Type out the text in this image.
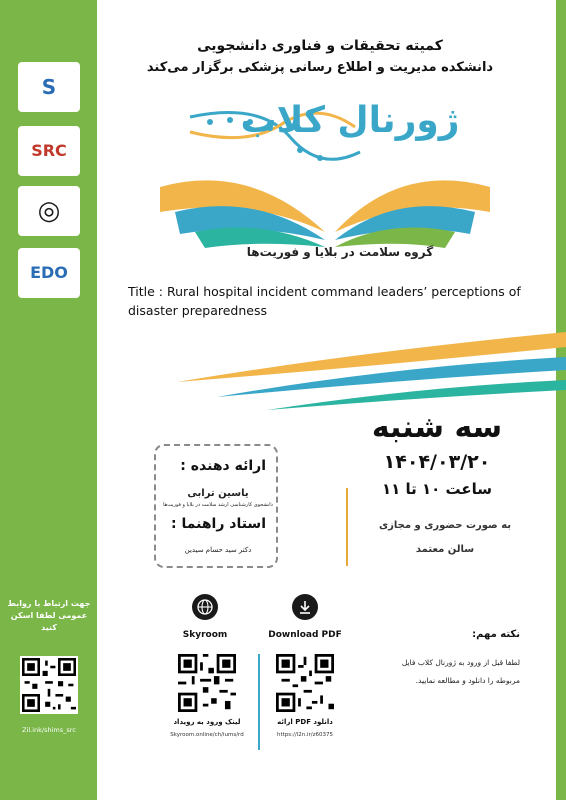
S
SRC
◎
EDO
جهت ارتباط با روابط عمومی لطفا اسکن کنید
Zil.ink/shims_src
کمیته تحقیقات و فناوری دانشجویی
دانشکده مدیریت و اطلاع رسانی پزشکی برگزار می‌کند
ژورنال کلاب
گروه سلامت در بلایا و فوریت‌ها
Title : Rural hospital incident command leaders’ perceptions of disaster preparedness
سه شنبه
۱۴۰۴/۰۳/۲۰
ساعت ۱۰ تا ۱۱
به صورت حضوری و مجازی
سالن معتمد
ارائه دهنده :
یاسین ترابی
دانشجوی کارشناسی ارشد سلامت در بلایا و فوریت‌ها
استاد راهنما :
دکتر سید حسام سیدین
Skyroom	Download PDF
لینک ورود به رویداد
Skyroom.online/ch/iums/rd
دانلود PDF ارائه
https://l2n.ir/z60375
نکته مهم:
لطفا قبل از ورود به ژورنال کلاب فایل مربوطه را دانلود و مطالعه نمایید.
